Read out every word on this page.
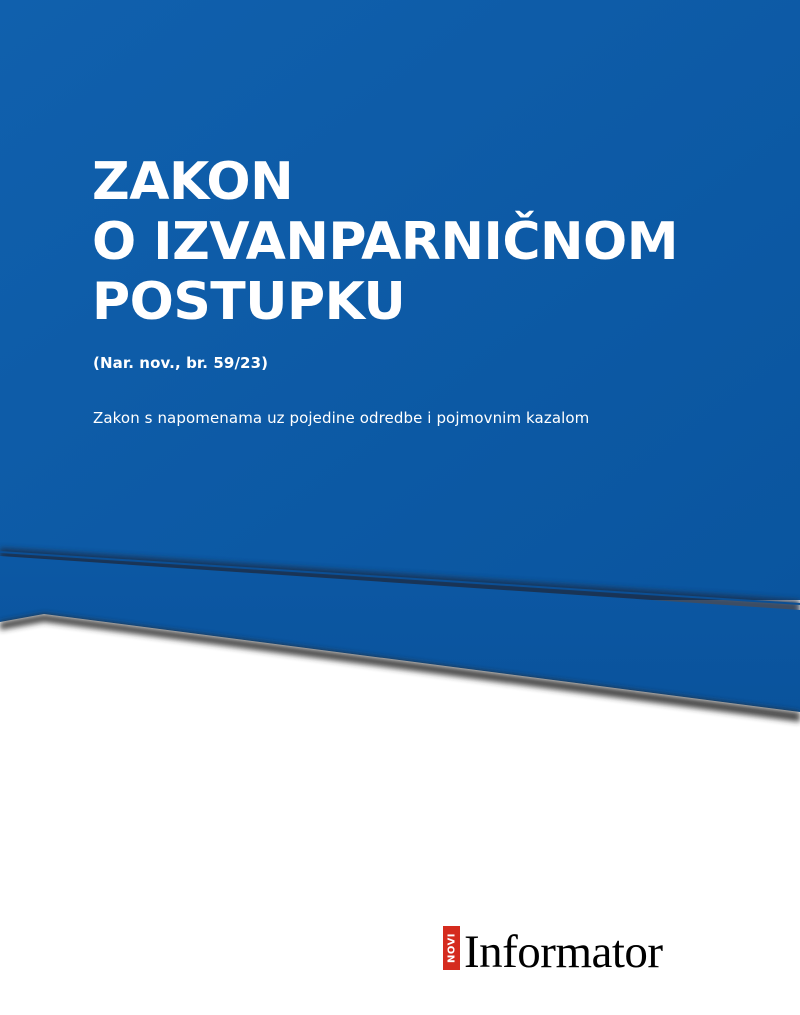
ZAKON
O IZVANPARNIČNOM
POSTUPKU
(Nar. nov., br. 59/23)
Zakon s napomenama uz pojedine odredbe i pojmovnim kazalom
NOVI Informator
